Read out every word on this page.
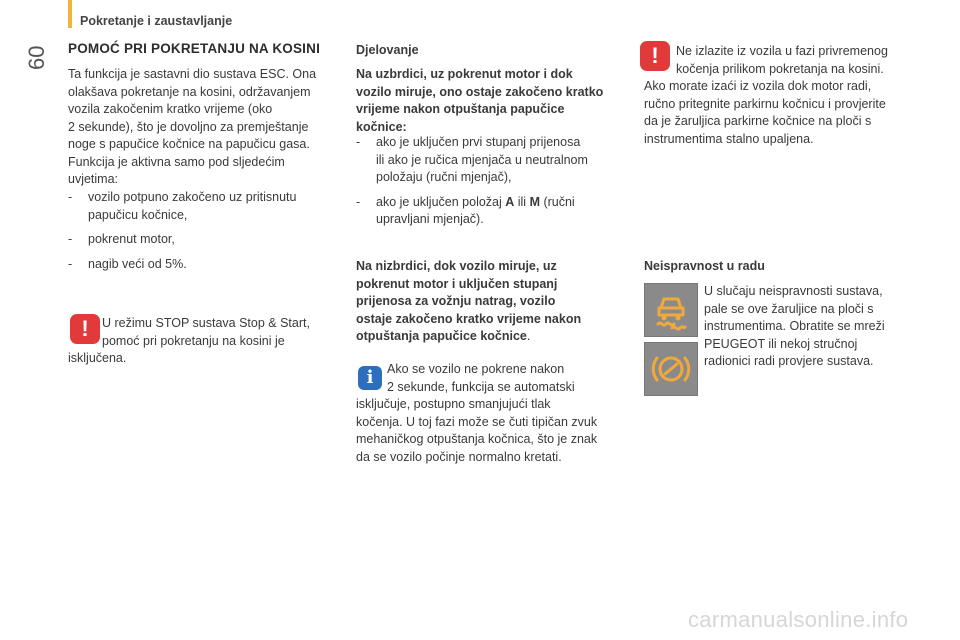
Pokretanje i zaustavljanje
60 POMOĆ PRI POKRETANJU NA KOSINI
Ta funkcija je sastavni dio sustava ESC. Ona
olakšava pokretanje na kosini, održavanjem
vozila zakočenim kratko vrijeme (oko
2 sekunde), što je dovoljno za premještanje
noge s papučice kočnice na papučicu gasa.
Funkcija je aktivna samo pod sljedećim
uvjetima:
- vozilo potpuno zakočeno uz pritisnutu
papučicu kočnice,
- pokrenut motor,
- nagib veći od 5%.
!	U režimu STOP sustava Stop & Start,
pomoć pri pokretanju na kosini je
isključena.
Djelovanje
Na uzbrdici, uz pokrenut motor i dok
vozilo miruje, ono ostaje zakočeno kratko
vrijeme nakon otpuštanja papučice
kočnice:
- ako je uključen prvi stupanj prijenosa
ili ako je ručica mjenjača u neutralnom
položaju (ručni mjenjač),
- ako je uključen položaj A ili M (ručni
upravljani mjenjač).
Na nizbrdici, dok vozilo miruje, uz
pokrenut motor i uključen stupanj
prijenosa za vožnju natrag, vozilo
ostaje zakočeno kratko vrijeme nakon
otpuštanja papučice kočnice.
i	Ako se vozilo ne pokrene nakon
2 sekunde, funkcija se automatski
isključuje, postupno smanjujući tlak
kočenja. U toj fazi može se čuti tipičan zvuk
mehaničkog otpuštanja kočnica, što je znak
da se vozilo počinje normalno kretati.
!	Ne izlazite iz vozila u fazi privremenog
kočenja prilikom pokretanja na kosini.
Ako morate izaći iz vozila dok motor radi,
ručno pritegnite parkirnu kočnicu i provjerite
da je žaruljica parkirne kočnice na ploči s
instrumentima stalno upaljena.
Neispravnost u radu
U slučaju neispravnosti sustava,
pale se ove žaruljice na ploči s
instrumentima. Obratite se mreži
PEUGEOT ili nekoj stručnoj
radionici radi provjere sustava.
carmanualsonline.info
